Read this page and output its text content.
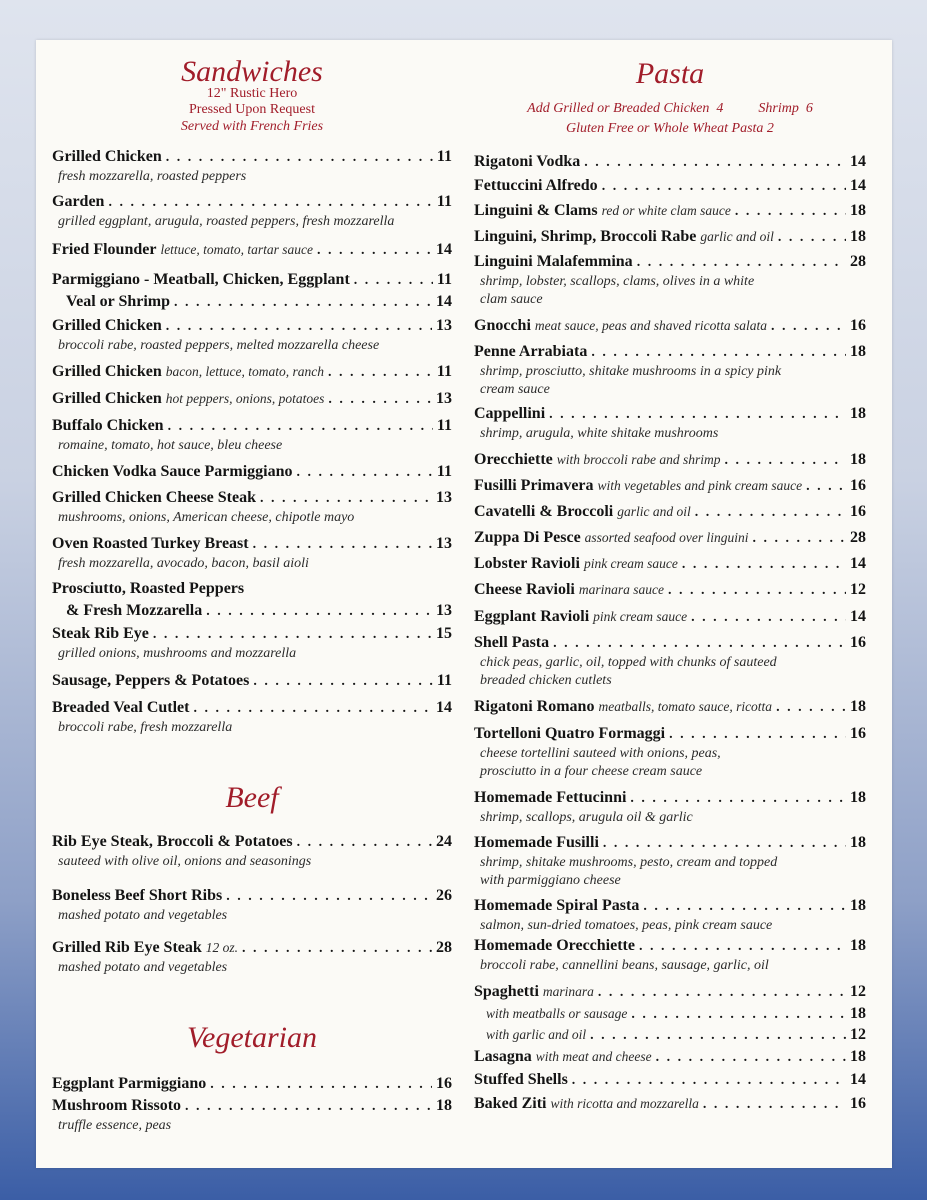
Sandwiches
12" Rustic Hero
Pressed Upon Request
Served with French Fries
Grilled Chicken . . .	11
fresh mozzarella, roasted peppers
Garden . . .	11
grilled eggplant, arugula, roasted peppers, fresh mozzarella
Fried Flounder lettuce, tomato, tartar sauce . . .	14
Parmiggiano - Meatball, Chicken, Eggplant . . .	11
Veal or Shrimp . . .	14
Grilled Chicken . . .	13
broccoli rabe, roasted peppers, melted mozzarella cheese
Grilled Chicken bacon, lettuce, tomato, ranch . . .	11
Grilled Chicken hot peppers, onions, potatoes . . .	13
Buffalo Chicken . . .	11
romaine, tomato, hot sauce, bleu cheese
Chicken Vodka Sauce Parmiggiano . . .	11
Grilled Chicken Cheese Steak . . .	13
mushrooms, onions, American cheese, chipotle mayo
Oven Roasted Turkey Breast . . .	13
fresh mozzarella, avocado, bacon, basil aioli
Prosciutto, Roasted Peppers
& Fresh Mozzarella . . .	13
Steak Rib Eye . . .	15
grilled onions, mushrooms and mozzarella
Sausage, Peppers & Potatoes . . .	11
Breaded Veal Cutlet . . .	14
broccoli rabe, fresh mozzarella
Beef
Rib Eye Steak, Broccoli & Potatoes . . .	24
sauteed with olive oil, onions and seasonings
Boneless Beef Short Ribs . . .	26
mashed potato and vegetables
Grilled Rib Eye Steak 12 oz. . . .	28
mashed potato and vegetables
Vegetarian
Eggplant Parmiggiano . . .	16
Mushroom Rissoto . . .	18
truffle essence, peas
Pasta
Add Grilled or Breaded Chicken  4          Shrimp  6
Gluten Free or Whole Wheat Pasta 2
Rigatoni Vodka . . .	14
Fettuccini Alfredo . . .	14
Linguini & Clams red or white clam sauce . . .	18
Linguini, Shrimp, Broccoli Rabe garlic and oil . . .	18
Linguini Malafemmina . . .	28
shrimp, lobster, scallops, clams, olives in a white
clam sauce
Gnocchi meat sauce, peas and shaved ricotta salata . . .	16
Penne Arrabiata . . .	18
shrimp, prosciutto, shitake mushrooms in a spicy pink
cream sauce
Cappellini . . .	18
shrimp, arugula, white shitake mushrooms
Orecchiette with broccoli rabe and shrimp . . .	18
Fusilli Primavera with vegetables and pink cream sauce . . .	16
Cavatelli & Broccoli garlic and oil . . .	16
Zuppa Di Pesce assorted seafood over linguini . . .	28
Lobster Ravioli pink cream sauce . . .	14
Cheese Ravioli marinara sauce . . .	12
Eggplant Ravioli pink cream sauce . . .	14
Shell Pasta . . .	16
chick peas, garlic, oil, topped with chunks of sauteed
breaded chicken cutlets
Rigatoni Romano meatballs, tomato sauce, ricotta . . .	18
Tortelloni Quatro Formaggi . . .	16
cheese tortellini sauteed with onions, peas,
prosciutto in a four cheese cream sauce
Homemade Fettucinni . . .	18
shrimp, scallops, arugula oil & garlic
Homemade Fusilli . . .	18
shrimp, shitake mushrooms, pesto, cream and topped
with parmiggiano cheese
Homemade Spiral Pasta . . .	18
salmon, sun-dried tomatoes, peas, pink cream sauce
Homemade Orecchiette . . .	18
broccoli rabe, cannellini beans, sausage, garlic, oil
Spaghetti marinara . . .	12
with meatballs or sausage . . .	18
with garlic and oil . . .	12
Lasagna with meat and cheese . . .	18
Stuffed Shells . . .	14
Baked Ziti with ricotta and mozzarella . . .	16
